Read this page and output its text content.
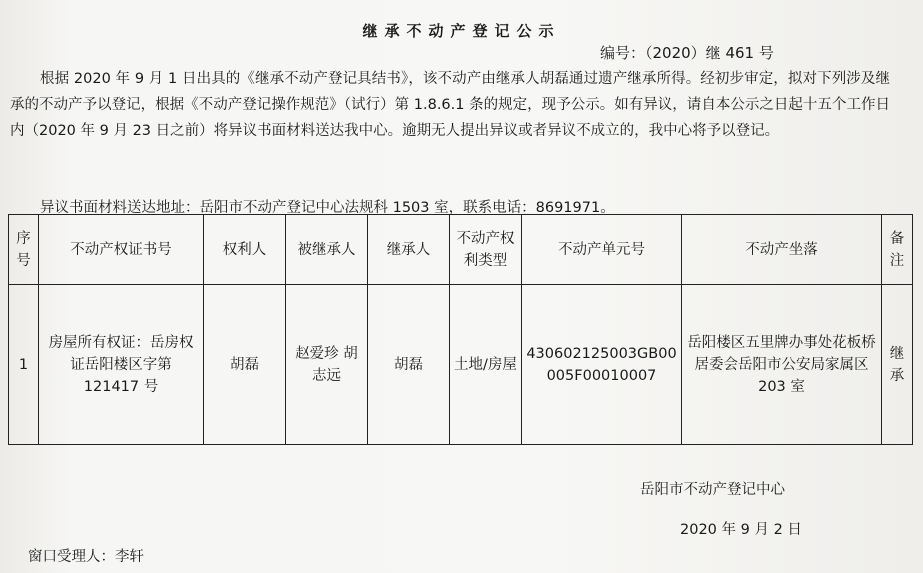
继承不动产登记公示
编号：（2020）继 461 号

根据 2020 年 9 月 1 日出具的《继承不动产登记具结书》，该不动产由继承人胡磊通过遗产继承所得。经初步审定，拟对下列涉及继承的不动产予以登记，根据《不动产登记操作规范》（试行）第 1.8.6.1 条的规定，现予公示。如有异议，请自本公示之日起十五个工作日内（2020 年 9 月 23 日之前）将异议书面材料送达我中心。逾期无人提出异议或者异议不成立的，我中心将予以登记。

异议书面材料送达地址：岳阳市不动产登记中心法规科 1503 室，联系电话：8691971。
序号	不动产权证书号	权利人	被继承人	继承人	不动产权利类型	不动产单元号	不动产坐落	备注
1	房屋所有权证：岳房权证岳阳楼区字第 121417 号	胡磊	赵爱珍 胡志远	胡磊	土地/房屋	430602125003GB00005F00010007	岳阳楼区五里牌办事处花板桥居委会岳阳市公安局家属区 203 室	继承
岳阳市不动产登记中心
2020 年 9 月 2 日
窗口受理人：李轩
